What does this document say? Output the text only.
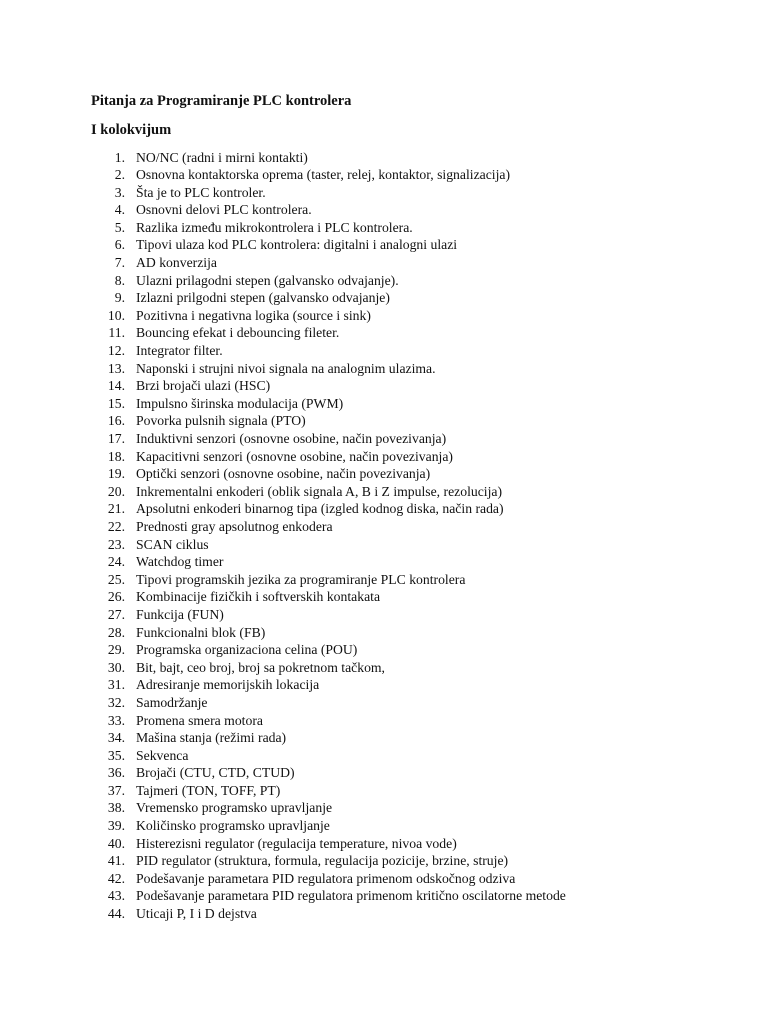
Pitanja za Programiranje PLC kontrolera
I kolokvijum
1. NO/NC (radni i mirni kontakti)
2. Osnovna kontaktorska oprema (taster, relej, kontaktor, signalizacija)
3. Šta je to PLC kontroler.
4. Osnovni delovi PLC kontrolera.
5. Razlika između mikrokontrolera i PLC kontrolera.
6. Tipovi ulaza kod PLC kontrolera: digitalni i analogni ulazi
7. AD konverzija
8. Ulazni prilagodni stepen (galvansko odvajanje).
9. Izlazni prilgodni stepen (galvansko odvajanje)
10. Pozitivna i negativna logika (source i sink)
11. Bouncing efekat i debouncing fileter.
12. Integrator filter.
13. Naponski i strujni nivoi signala na analognim ulazima.
14. Brzi brojači ulazi (HSC)
15. Impulsno širinska modulacija (PWM)
16. Povorka pulsnih signala (PTO)
17. Induktivni senzori (osnovne osobine, način povezivanja)
18. Kapacitivni senzori (osnovne osobine, način povezivanja)
19. Optički senzori (osnovne osobine, način povezivanja)
20. Inkrementalni enkoderi (oblik signala A, B i Z impulse, rezolucija)
21. Apsolutni enkoderi binarnog tipa (izgled kodnog diska, način rada)
22. Prednosti gray apsolutnog enkodera
23. SCAN ciklus
24. Watchdog timer
25. Tipovi programskih jezika za programiranje PLC kontrolera
26. Kombinacije fizičkih i softverskih kontakata
27. Funkcija (FUN)
28. Funkcionalni blok (FB)
29. Programska organizaciona celina (POU)
30. Bit, bajt, ceo broj, broj sa pokretnom tačkom,
31. Adresiranje memorijskih lokacija
32. Samodržanje
33. Promena smera motora
34. Mašina stanja (režimi rada)
35. Sekvenca
36. Brojači (CTU, CTD, CTUD)
37. Tajmeri (TON, TOFF, PT)
38. Vremensko programsko upravljanje
39. Količinsko programsko upravljanje
40. Histerezisni regulator (regulacija temperature, nivoa vode)
41. PID regulator (struktura, formula, regulacija pozicije, brzine, struje)
42. Podešavanje parametara PID regulatora primenom odskočnog odziva
43. Podešavanje parametara PID regulatora primenom kritično oscilatorne metode
44. Uticaji P, I i D dejstva
